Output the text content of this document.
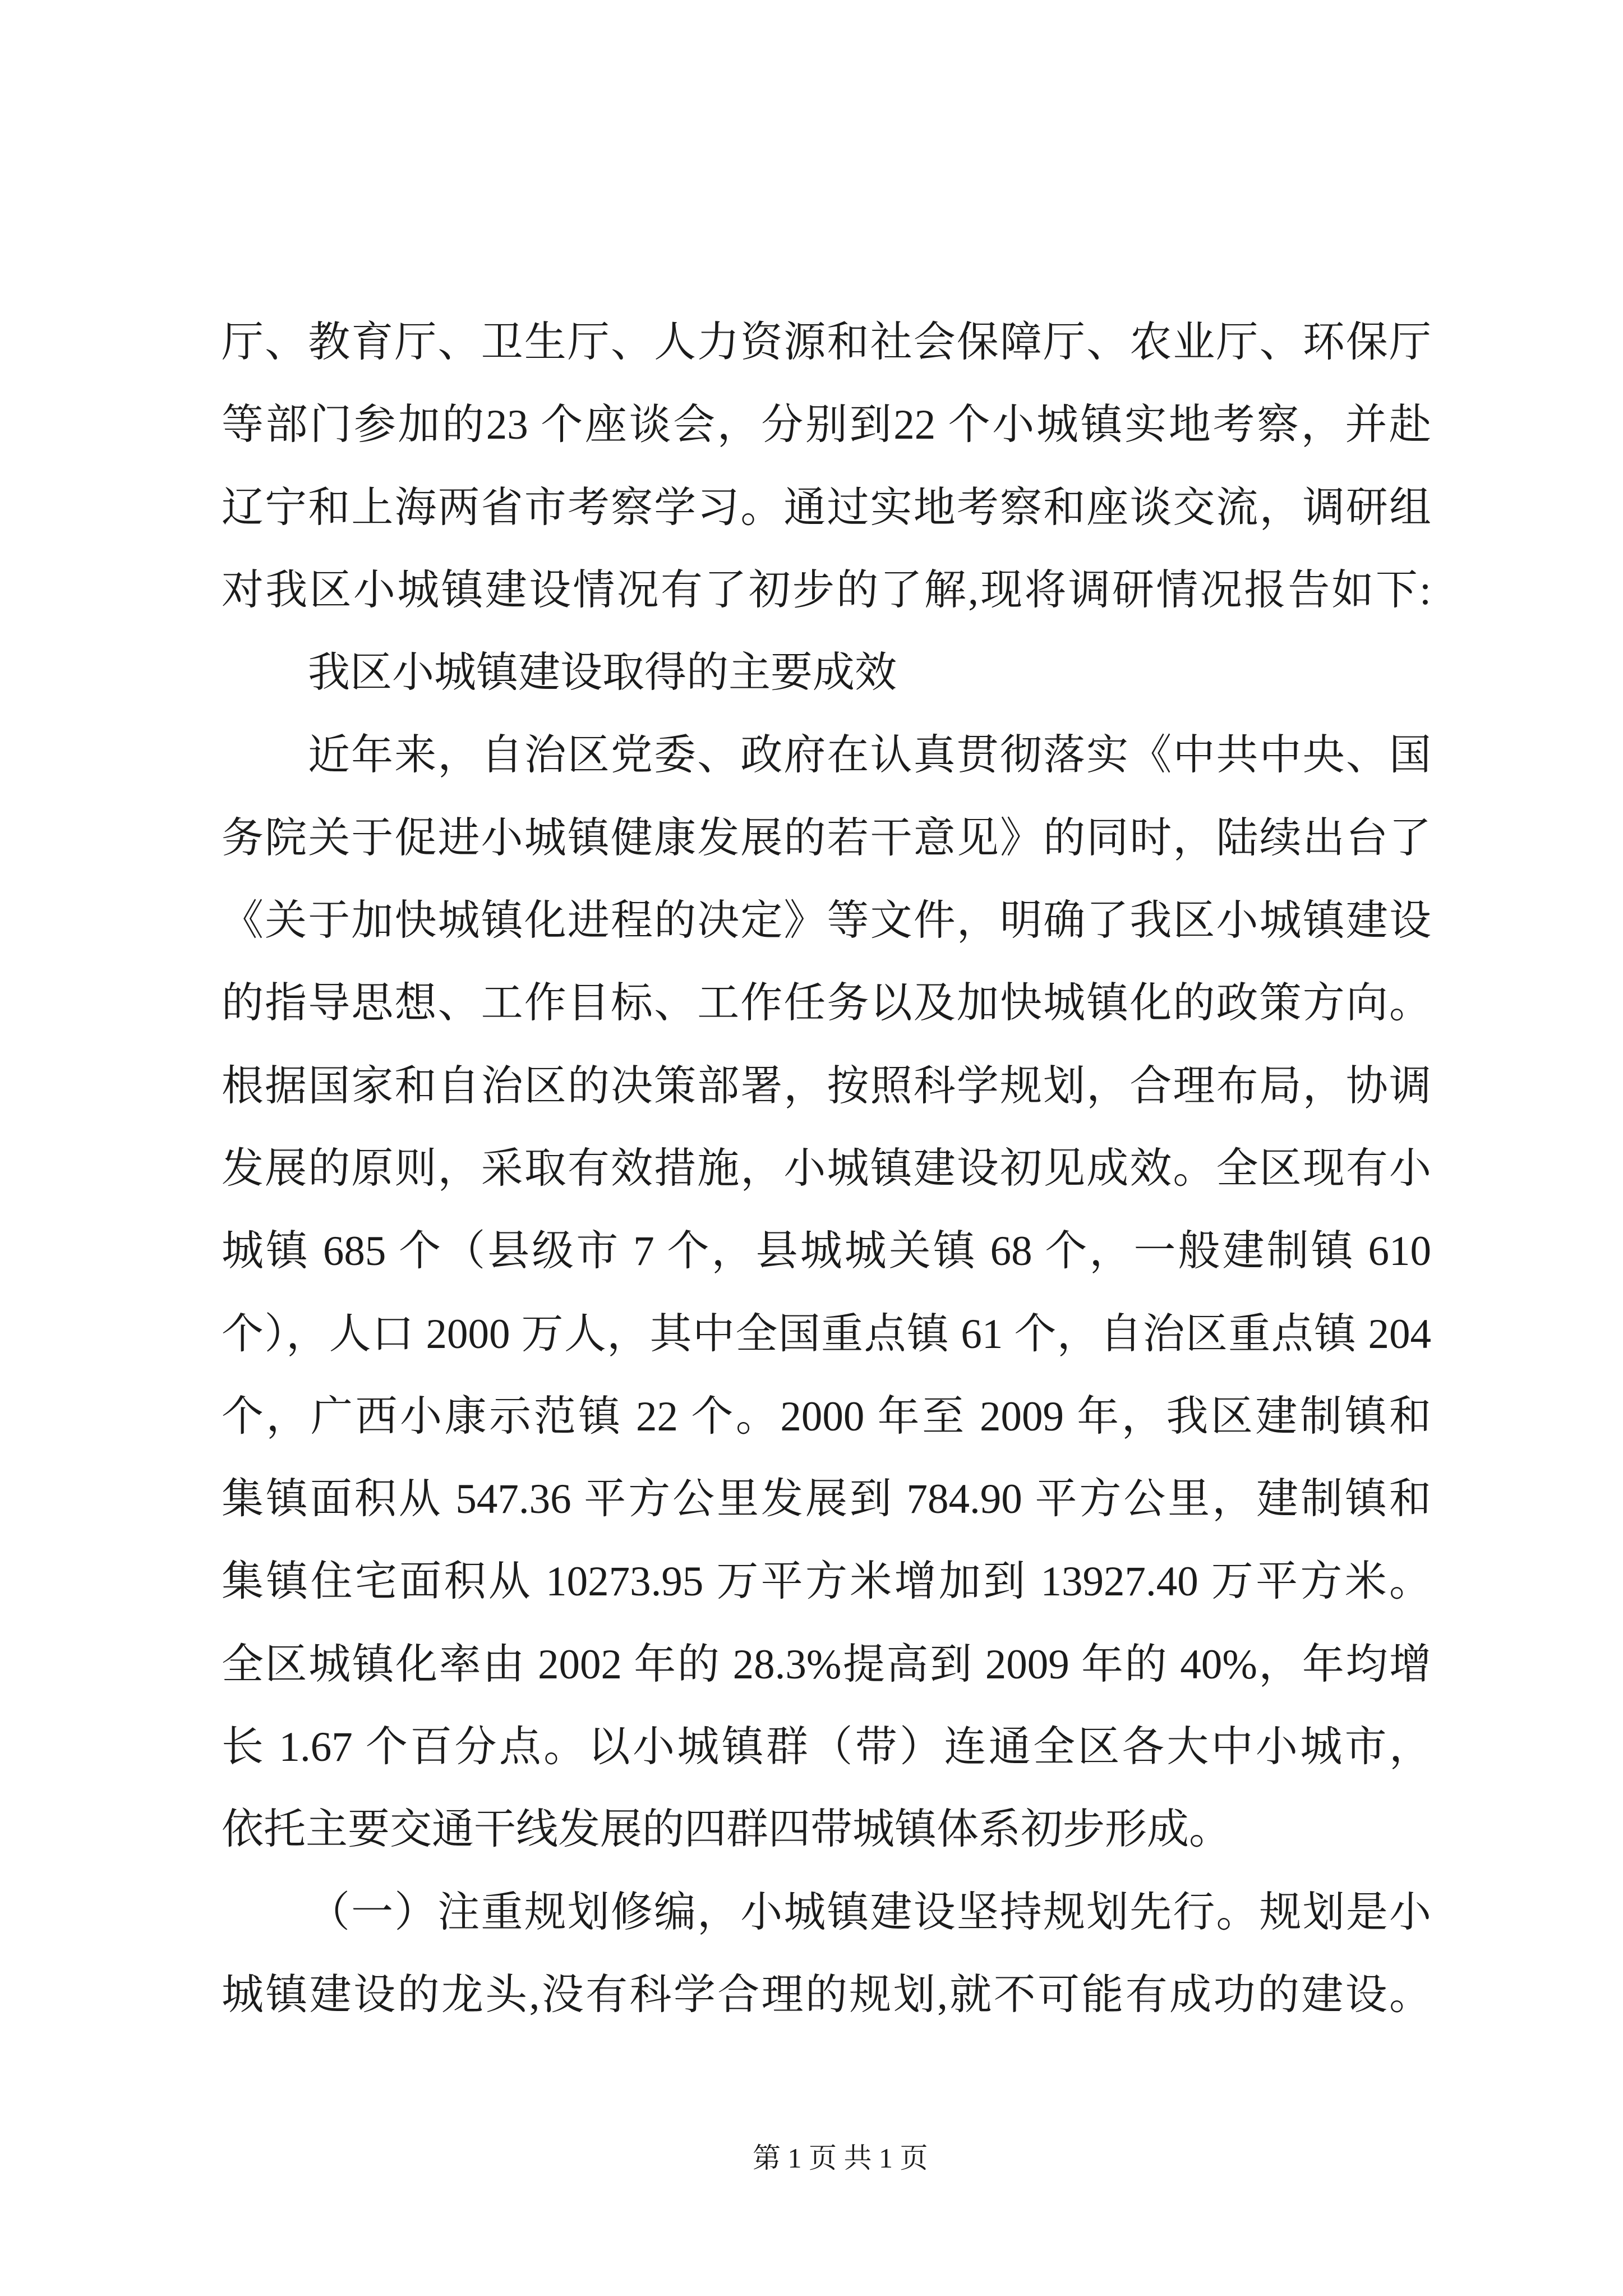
厅、教育厅、卫生厅、人力资源和社会保障厅、农业厅、环保厅
等部门参加的23 个座谈会，分别到22 个小城镇实地考察，并赴
辽宁和上海两省市考察学习。通过实地考察和座谈交流，调研组
对我区小城镇建设情况有了初步的了解,现将调研情况报告如下:
我区小城镇建设取得的主要成效
近年来，自治区党委、政府在认真贯彻落实《中共中央、国
务院关于促进小城镇健康发展的若干意见》的同时，陆续出台了
《关于加快城镇化进程的决定》等文件，明确了我区小城镇建设
的指导思想、工作目标、工作任务以及加快城镇化的政策方向。
根据国家和自治区的决策部署，按照科学规划，合理布局，协调
发展的原则，采取有效措施，小城镇建设初见成效。全区现有小
城镇 685 个（县级市 7 个，县城城关镇 68 个，一般建制镇 610
个），人口 2000 万人，其中全国重点镇 61 个，自治区重点镇 204
个，广西小康示范镇 22 个。2000 年至 2009 年，我区建制镇和
集镇面积从 547.36 平方公里发展到 784.90 平方公里，建制镇和
集镇住宅面积从 10273.95 万平方米增加到 13927.40 万平方米。
全区城镇化率由 2002 年的 28.3%提高到 2009 年的 40%，年均增
长 1.67 个百分点。以小城镇群（带）连通全区各大中小城市，
依托主要交通干线发展的四群四带城镇体系初步形成。
（一）注重规划修编，小城镇建设坚持规划先行。规划是小
城镇建设的龙头,没有科学合理的规划,就不可能有成功的建设。
第 1 页 共 1 页
